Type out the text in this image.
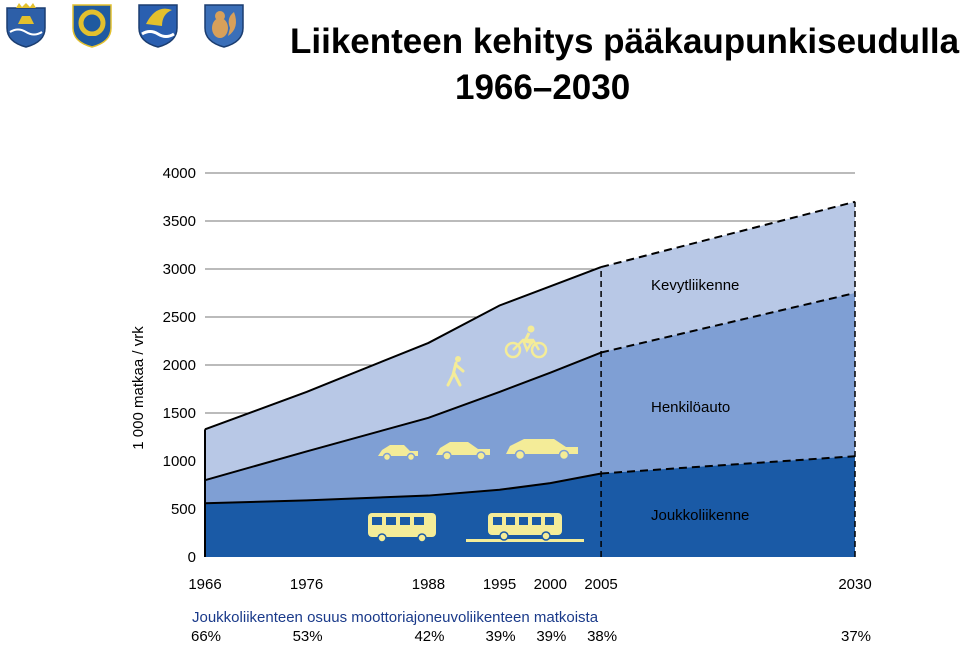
Liikenteen kehitys pääkaupunkiseudulla
1966–2030
0
500
1000
1500
2000
2500
3000
3500
4000
1966	1976	1988	1995 2000 2005	2030
Joukkoliikenne
Henkilöauto
Kevytliikenne
1 000 matkaa / vrk
Joukkoliikenteen osuus moottoriajoneuvoliikenteen matkoista
66%	53%	42%	39% 39% 38%	37%
